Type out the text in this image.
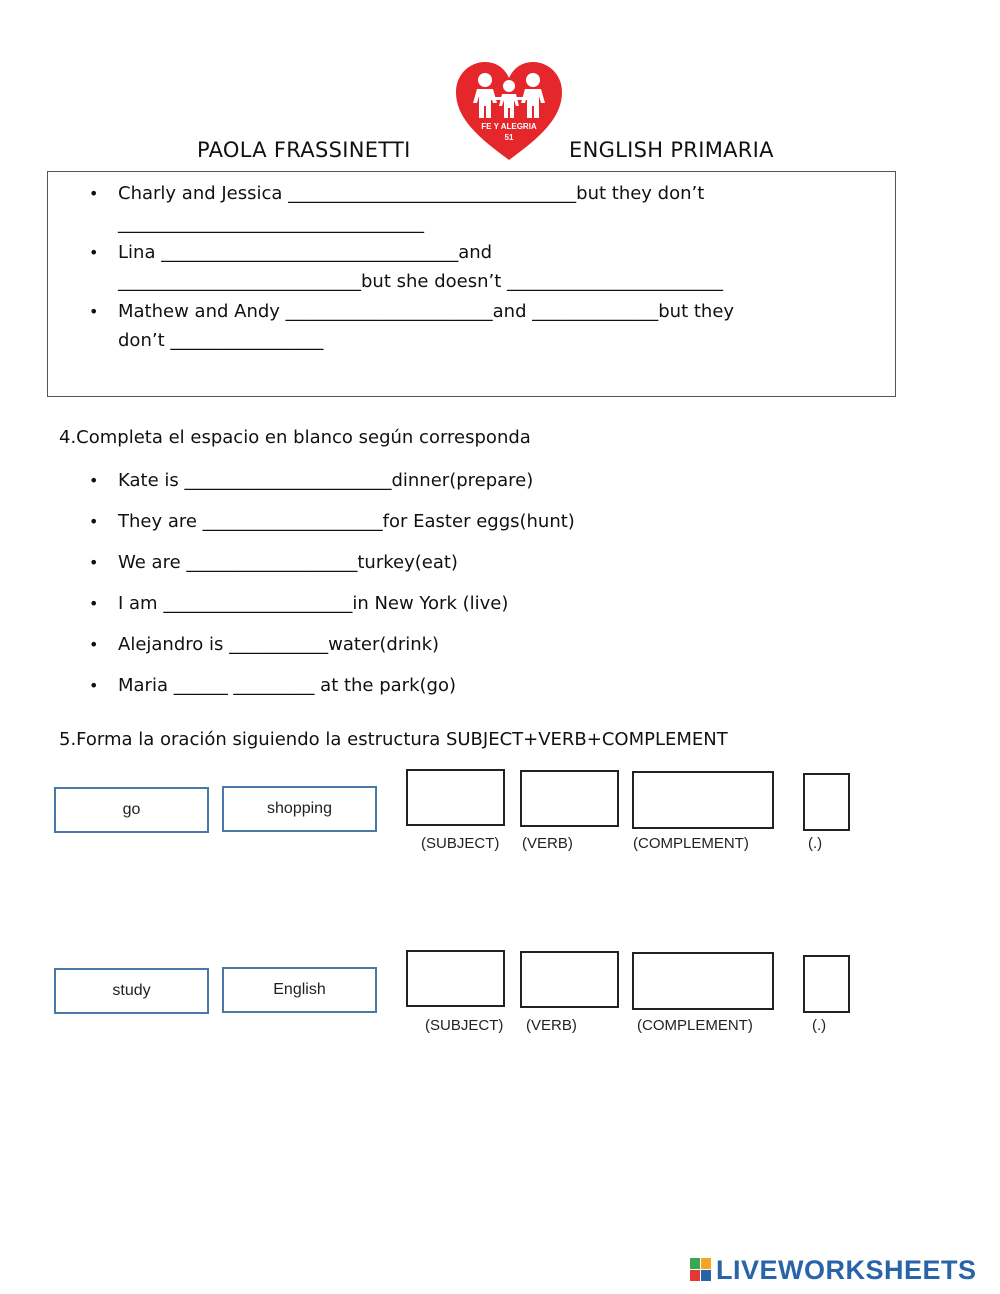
PAOLA FRASSINETTI
FE Y ALEGRIA
51
ENGLISH PRIMARIA
• Charly and Jessica ________________________________but they don’t
__________________________________
• Lina _________________________________and
___________________________but she doesn’t ________________________
• Mathew and Andy _______________________and ______________but they
don’t _________________
4.Completa el espacio en blanco según corresponda
• Kate is _______________________dinner(prepare)
• They are ____________________for Easter eggs(hunt)
• We are ___________________turkey(eat)
• I am _____________________in New York (live)
• Alejandro is ___________water(drink)
• Maria ______ _________ at the park(go)
5.Forma la oración siguiendo la estructura SUBJECT+VERB+COMPLEMENT
go	shopping
(SUBJECT) (VERB)	(COMPLEMENT)	(.)
study	English
(SUBJECT) (VERB)	(COMPLEMENT)	(.)
LIVEWORKSHEETS
